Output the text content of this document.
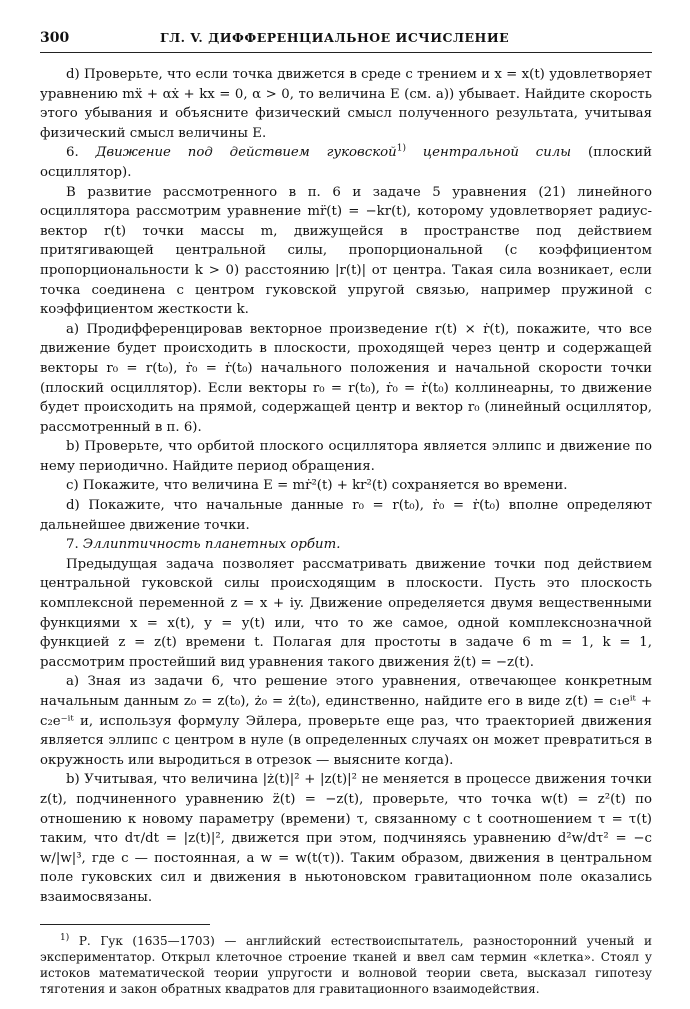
300	ГЛ. V. ДИФФЕРЕНЦИАЛЬНОЕ ИСЧИСЛЕНИЕ

d) Проверьте, что если точка движется в среде с трением и x = x(t) удовлетворяет уравнению mẍ + αẋ + kx = 0, α > 0, то величина E (см. a)) убывает. Найдите скорость этого убывания и объясните физический смысл полученного результата, учитывая физический смысл величины E.

6. Движение под действием гуковской$^{1)}$ центральной силы (плоский осциллятор).

В развитие рассмотренного в п. 6 и задаче 5 уравнения (21) линейного осциллятора рассмотрим уравнение mr̈(t) = −kr(t), которому удовлетворяет радиус-вектор r(t) точки массы m, движущейся в пространстве под действием притягивающей центральной силы, пропорциональной (с коэффициентом пропорциональности k > 0) расстоянию |r(t)| от центра. Такая сила возникает, если точка соединена с центром гуковской упругой связью, например пружиной с коэффициентом жесткости k.

a) Продифференцировав векторное произведение r(t) × ṙ(t), покажите, что все движение будет происходить в плоскости, проходящей через центр и содержащей векторы r₀ = r(t₀), ṙ₀ = ṙ(t₀) начального положения и начальной скорости точки (плоский осциллятор). Если векторы r₀ = r(t₀), ṙ₀ = ṙ(t₀) коллинеарны, то движение будет происходить на прямой, содержащей центр и вектор r₀ (линейный осциллятор, рассмотренный в п. 6).

b) Проверьте, что орбитой плоского осциллятора является эллипс и движение по нему периодично. Найдите период обращения.

c) Покажите, что величина E = mṙ²(t) + kr²(t) сохраняется во времени.

d) Покажите, что начальные данные r₀ = r(t₀), ṙ₀ = ṙ(t₀) вполне определяют дальнейшее движение точки.

7. Эллиптичность планетных орбит.

Предыдущая задача позволяет рассматривать движение точки под действием центральной гуковской силы происходящим в плоскости. Пусть это плоскость комплексной переменной z = x + iy. Движение определяется двумя вещественными функциями x = x(t), y = y(t) или, что то же самое, одной комплекснозначной функцией z = z(t) времени t. Полагая для простоты в задаче 6 m = 1, k = 1, рассмотрим простейший вид уравнения такого движения z̈(t) = −z(t).

a) Зная из задачи 6, что решение этого уравнения, отвечающее конкретным начальным данным z₀ = z(t₀), ż₀ = ż(t₀), единственно, найдите его в виде z(t) = c₁eⁱᵗ + c₂e⁻ⁱᵗ и, используя формулу Эйлера, проверьте еще раз, что траекторией движения является эллипс с центром в нуле (в определенных случаях он может превратиться в окружность или выродиться в отрезок — выясните когда).

b) Учитывая, что величина |ż(t)|² + |z(t)|² не меняется в процессе движения точки z(t), подчиненного уравнению z̈(t) = −z(t), проверьте, что точка w(t) = z²(t) по отношению к новому параметру (времени) τ, связанному с t соотношением τ = τ(t) таким, что dτ/dt = |z(t)|², движется при этом, подчиняясь уравнению d²w/dτ² = −c w/|w|³, где c — постоянная, а w = w(t(τ)). Таким образом, движения в центральном поле гуковских сил и движения в ньютоновском гравитационном поле оказались взаимосвязаны.

$^{1)}$ Р. Гук (1635—1703) — английский естествоиспытатель, разносторонний ученый и экспериментатор. Открыл клеточное строение тканей и ввел сам термин «клетка». Стоял у истоков математической теории упругости и волновой теории света, высказал гипотезу тяготения и закон обратных квадратов для гравитационного взаимодействия.
